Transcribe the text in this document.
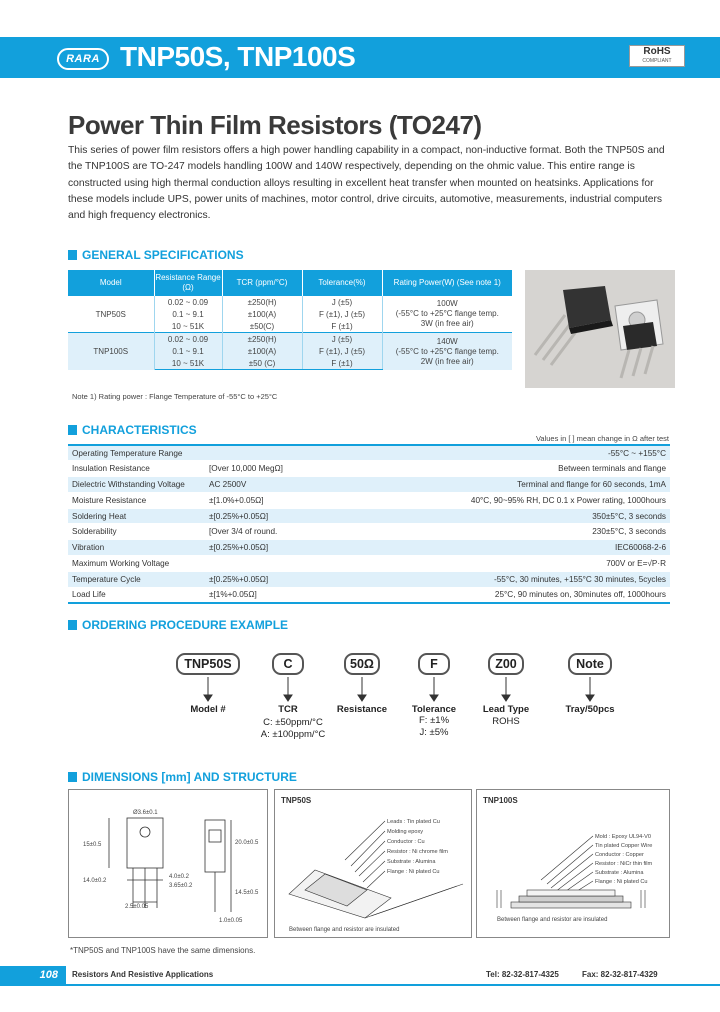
RARA TNP50S, TNP100S	RoHS
COMPLIANT
Power Thin Film Resistors (TO247)
This series of power film resistors offers a high power handling capability in a compact, non-inductive format. Both the TNP50S and the TNP100S are TO-247 models handling 100W and 140W respectively, depending on the ohmic value. This entire range is constructed using high thermal conduction alloys resulting in excellent heat transfer when mounted on heatsinks. Applications for these models include UPS, power units of machines, motor control, drive circuits, automotive, measurements, industrial computers and high frequency electronics.
GENERAL SPECIFICATIONS
Model	Resistance Range (Ω)	TCR (ppm/°C)	Tolerance(%)	Rating Power(W) (See note 1)
TNP50S	0.02 ~ 0.09	±250(H)	J (±5)	100W
(-55°C to +25°C flange temp.
3W (in free air)

	0.1 ~ 9.1	±100(A)	F (±1), J (±5)	
	10 ~ 51K	±50(C)	F (±1)	
TNP100S	0.02 ~ 0.09	±250(H)	J (±5)	140W
(-55°C to +25°C flange temp.
2W (in free air)

	0.1 ~ 9.1	±100(A)	F (±1), J (±5)	
	10 ~ 51K	±50 (C)	F (±1)	
Note 1) Rating power : Flange Temperature of -55°C to +25°C
CHARACTERISTICS
Values in [ ] mean change in Ω after test
Operating Temperature Range		-55°C ~ +155°C
Insulation Resistance	[Over 10,000 MegΩ]	Between terminals and flange
Dielectric Withstanding Voltage	AC 2500V	Terminal and flange for 60 seconds, 1mA
Moisture Resistance	±[1.0%+0.05Ω]	40°C, 90~95% RH, DC 0.1 x Power rating, 1000hours
Soldering Heat	±[0.25%+0.05Ω]	350±5°C, 3 seconds
Solderability	[Over 3/4 of round.	230±5°C, 3 seconds
Vibration	±[0.25%+0.05Ω]	IEC60068-2-6
Maximum Working Voltage		700V or E=√P·R
Temperature Cycle	±[0.25%+0.05Ω]	-55°C, 30 minutes, +155°C 30 minutes, 5cycles
Load Life	±[1%+0.05Ω]	25°C, 90 minutes on, 30minutes off, 1000hours
ORDERING PROCEDURE EXAMPLE
TNP50S	C	50Ω	F	Z00	Note
Model #	TCR	Resistance	Tolerance	Lead Type	Tray/50pcs
C: ±50ppm/°C
A: ±100ppm/°C
F: ±1%
J: ±5%
ROHS
DIMENSIONS [mm] AND STRUCTURE
Ø3.6±0.1
15±0.5
14.0±0.2
4.0±0.2
3.65±0.2
20.0±0.5
14.5±0.5
2.5±0.05
1.0±0.05
TNP50S
Leads : Tin plated Cu
Molding epoxy
Conductor : Cu
Resistor : Ni chrome film
Substrate : Alumina
Flange : Ni plated Cu
Between flange and resistor are insulated
TNP100S
Mold : Epoxy UL94-V0
Tin plated Copper Wire
Conductor : Copper
Resistor : NiCr thin film
Substrate : Alumina
Flange : Ni plated Cu
Between flange and resistor are insulated
*TNP50S and TNP100S have the same dimensions.
108	Resistors And Resistive Applications	Tel: 82-32-817-4325	Fax: 82-32-817-4329
